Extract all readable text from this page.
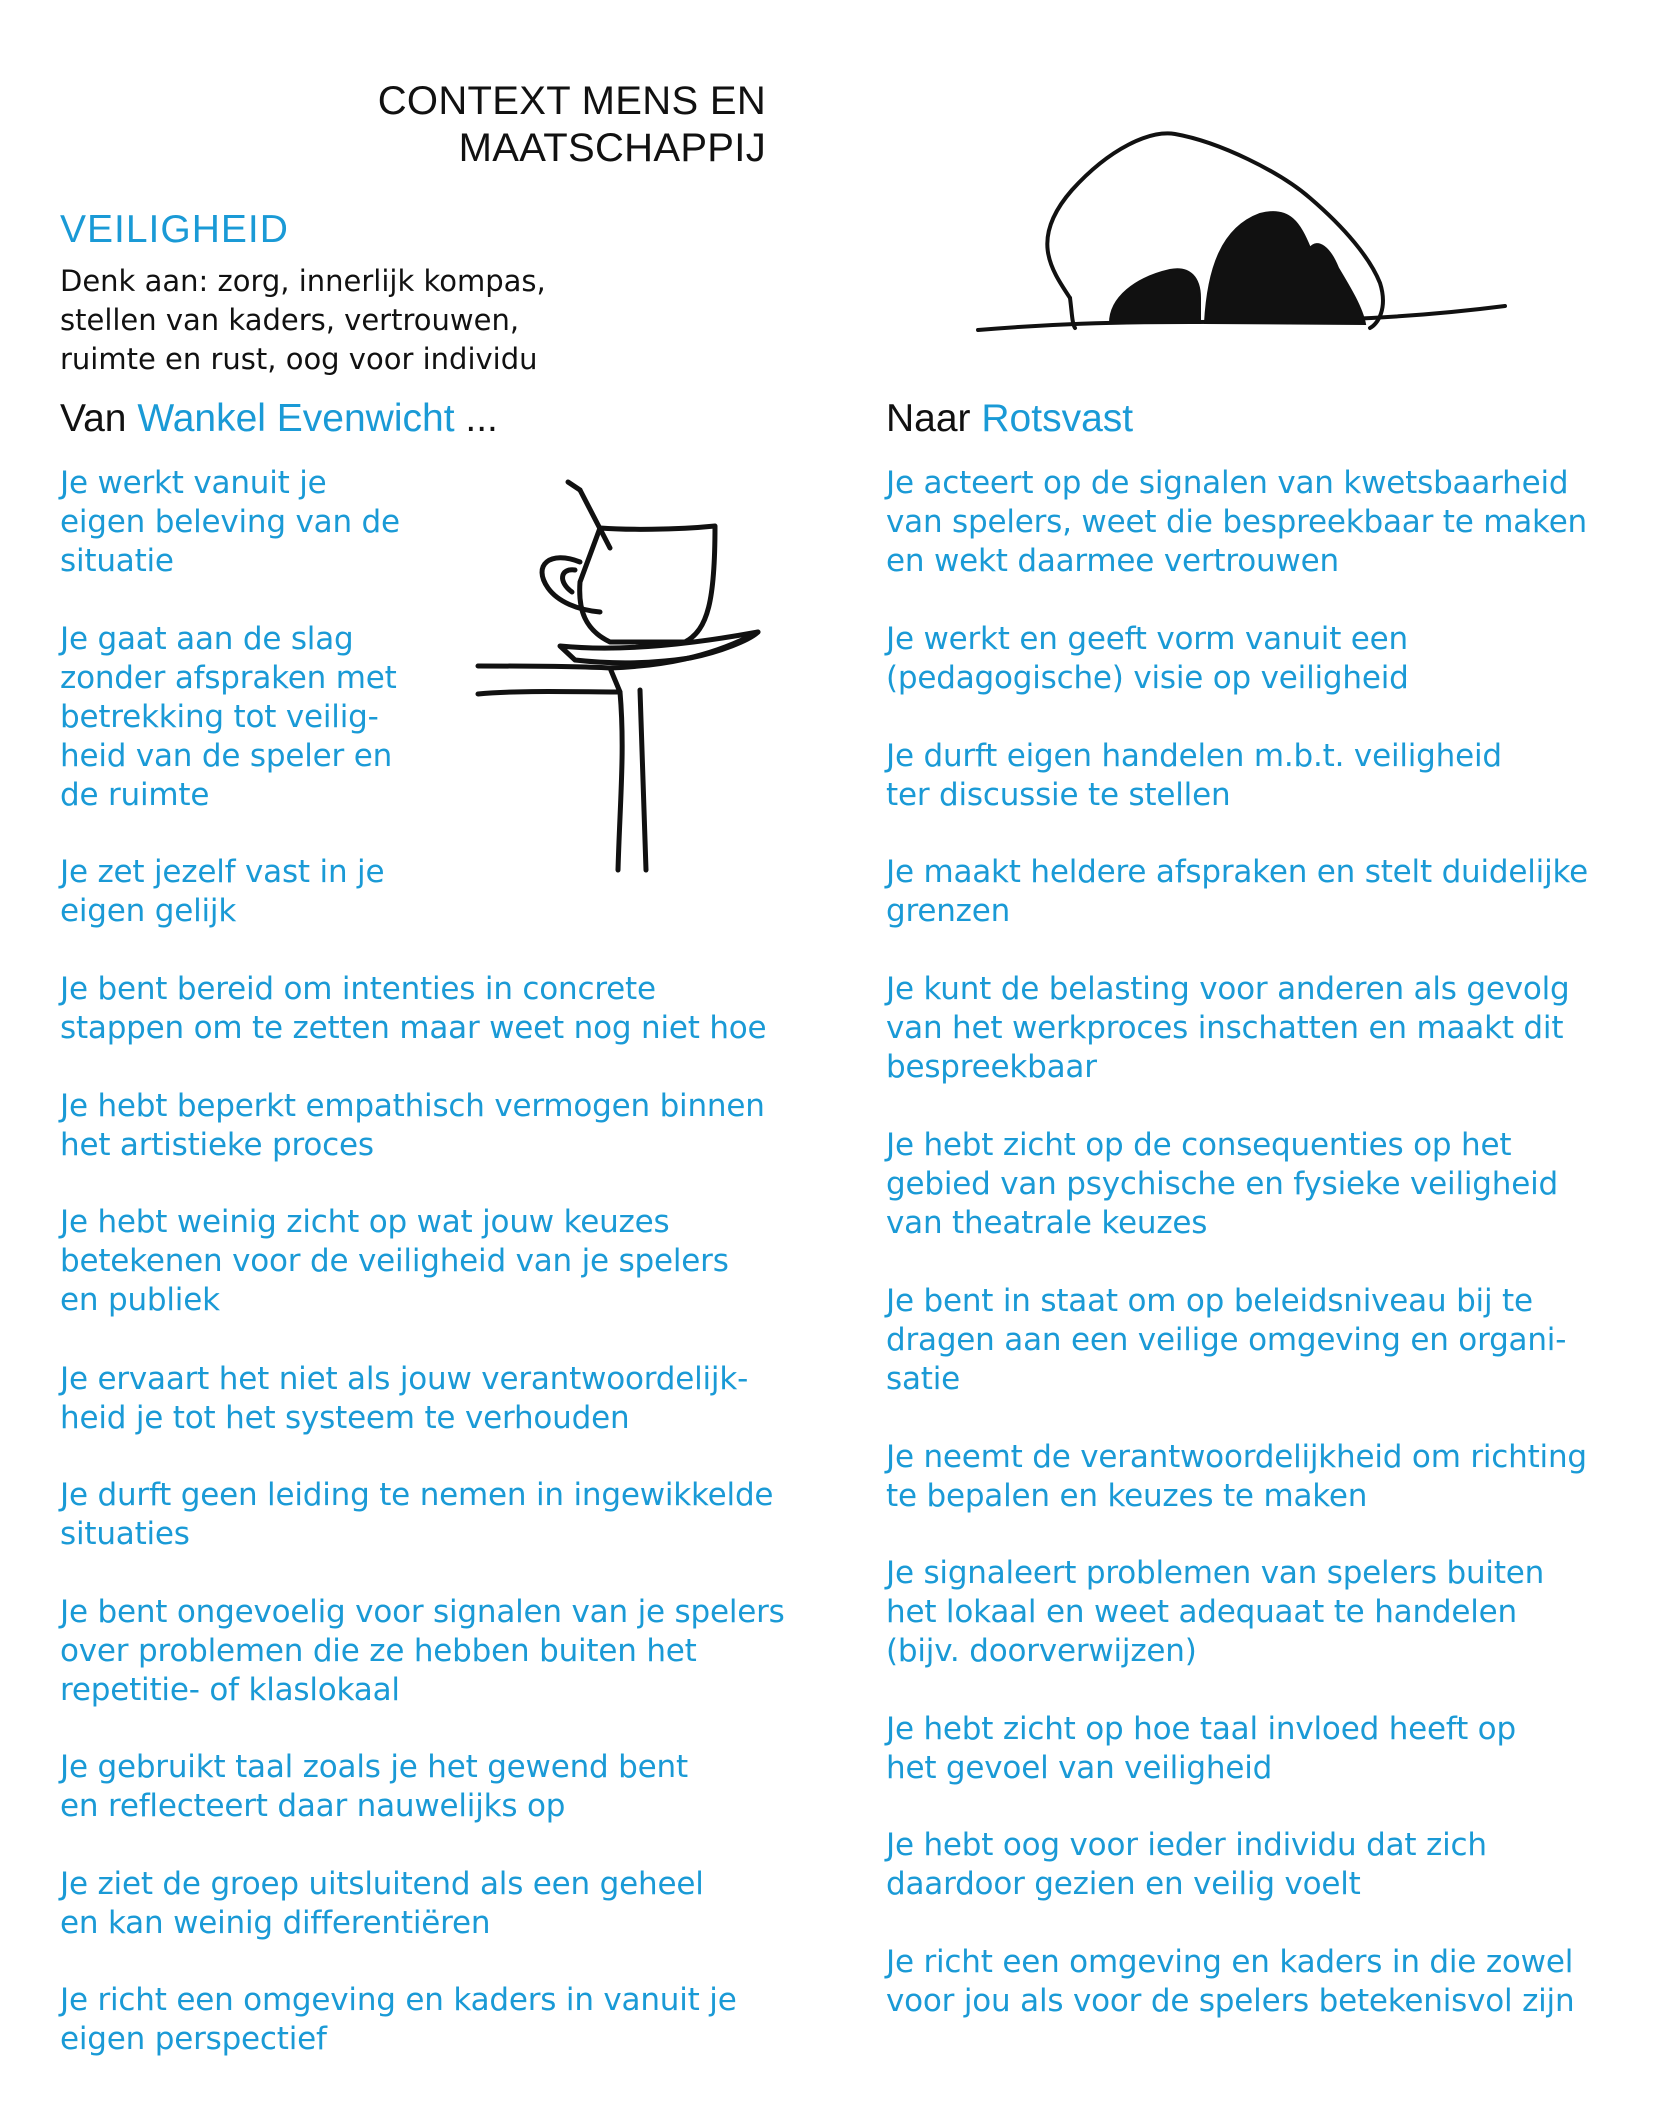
CONTEXT MENS EN
MAATSCHAPPIJ
VEILIGHEID
Denk aan: zorg, innerlijk kompas,
stellen van kaders, vertrouwen,
ruimte en rust, oog voor individu
Van Wankel Evenwicht ...

Je werkt vanuit je
eigen beleving van de
situatie

Je gaat aan de slag
zonder afspraken met
betrekking tot veilig-
heid van de speler en
de ruimte

Je zet jezelf vast in je
eigen gelijk

Je bent bereid om intenties in concrete
stappen om te zetten maar weet nog niet hoe

Je hebt beperkt empathisch vermogen binnen
het artistieke proces

Je hebt weinig zicht op wat jouw keuzes
betekenen voor de veiligheid van je spelers
en publiek

Je ervaart het niet als jouw verantwoordelijk-
heid je tot het systeem te verhouden

Je durft geen leiding te nemen in ingewikkelde
situaties

Je bent ongevoelig voor signalen van je spelers
over problemen die ze hebben buiten het
repetitie- of klaslokaal

Je gebruikt taal zoals je het gewend bent
en reflecteert daar nauwelijks op

Je ziet de groep uitsluitend als een geheel
en kan weinig differentiëren

Je richt een omgeving en kaders in vanuit je
eigen perspectief

Naar Rotsvast

Je acteert op de signalen van kwetsbaarheid
van spelers, weet die bespreekbaar te maken
en wekt daarmee vertrouwen

Je werkt en geeft vorm vanuit een
(pedagogische) visie op veiligheid

Je durft eigen handelen m.b.t. veiligheid
ter discussie te stellen

Je maakt heldere afspraken en stelt duidelijke
grenzen

Je kunt de belasting voor anderen als gevolg
van het werkproces inschatten en maakt dit
bespreekbaar

Je hebt zicht op de consequenties op het
gebied van psychische en fysieke veiligheid
van theatrale keuzes

Je bent in staat om op beleidsniveau bij te
dragen aan een veilige omgeving en organi-
satie

Je neemt de verantwoordelijkheid om richting
te bepalen en keuzes te maken

Je signaleert problemen van spelers buiten
het lokaal en weet adequaat te handelen
(bijv. doorverwijzen)

Je hebt zicht op hoe taal invloed heeft op
het gevoel van veiligheid

Je hebt oog voor ieder individu dat zich
daardoor gezien en veilig voelt

Je richt een omgeving en kaders in die zowel
voor jou als voor de spelers betekenisvol zijn
